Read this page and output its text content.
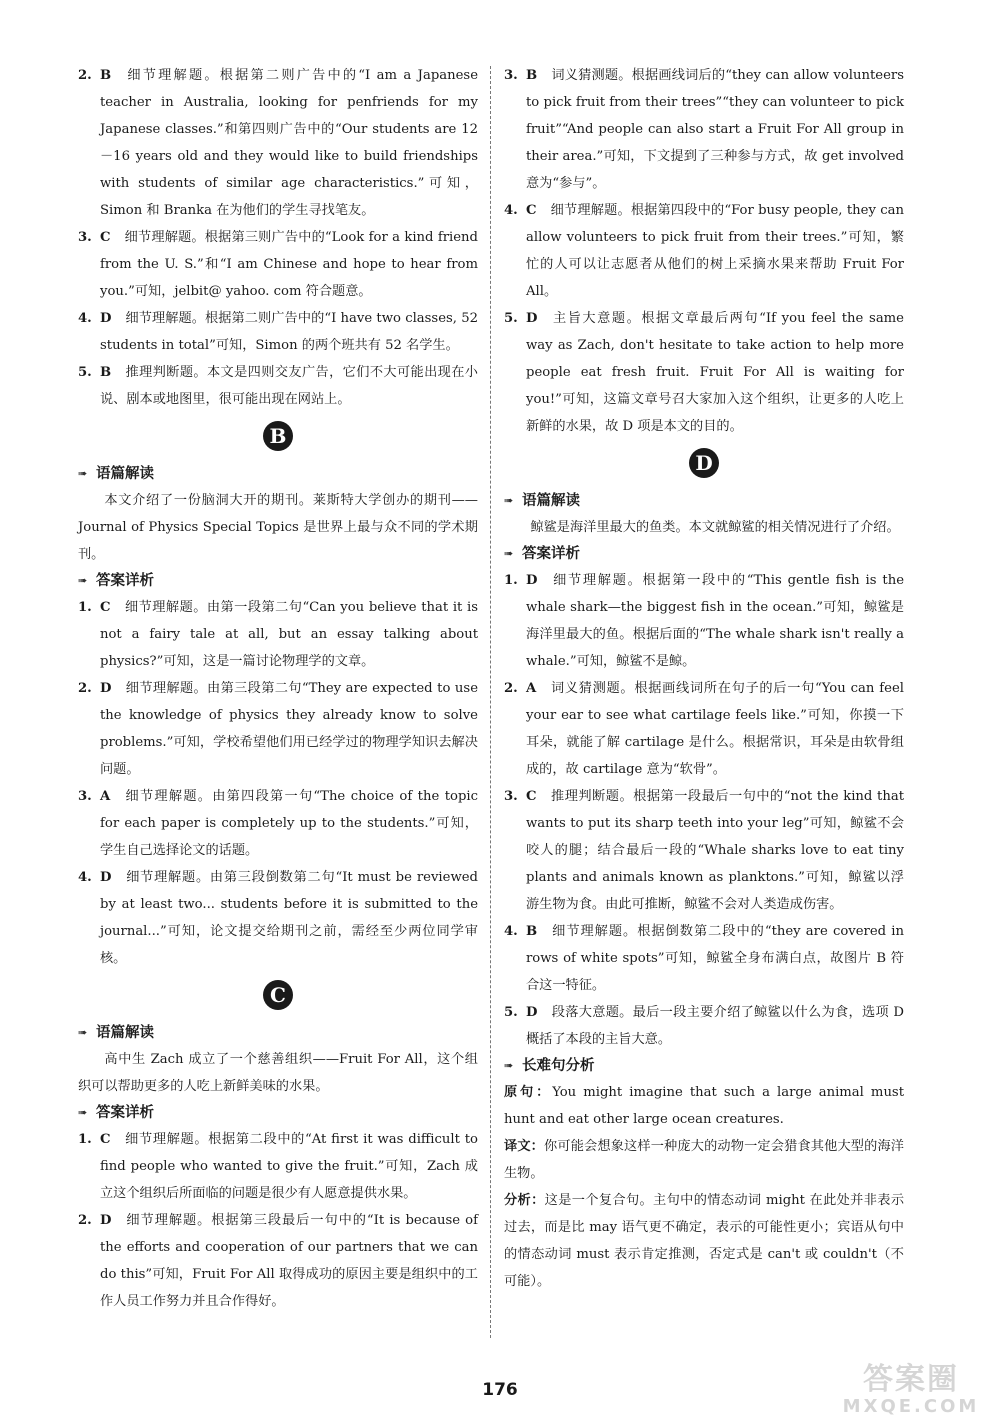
2. B 细节理解题。根据第二则广告中的“I am a Japanese teacher in Australia, looking for penfriends for my Japanese classes.”和第四则广告中的“Our students are 12－16 years old and they would like to build friendships with students of similar age characteristics.”可知，Simon 和 Branka 在为他们的学生寻找笔友。

3. C 细节理解题。根据第三则广告中的“Look for a kind friend from the U. S.”和“I am Chinese and hope to hear from you.”可知，jelbit@ yahoo. com 符合题意。

4. D 细节理解题。根据第二则广告中的“I have two classes, 52 students in total”可知，Simon 的两个班共有 52 名学生。

5. B 推理判断题。本文是四则交友广告，它们不大可能出现在小说、剧本或地图里，很可能出现在网站上。

B

➠ 语篇解读

本文介绍了一份脑洞大开的期刊。莱斯特大学创办的期刊——Journal of Physics Special Topics 是世界上最与众不同的学术期刊。

➠ 答案详析

1. C 细节理解题。由第一段第二句“Can you believe that it is not a fairy tale at all, but an essay talking about physics?”可知，这是一篇讨论物理学的文章。

2. D 细节理解题。由第三段第二句“They are expected to use the knowledge of physics they already know to solve problems.”可知，学校希望他们用已经学过的物理学知识去解决问题。

3. A 细节理解题。由第四段第一句“The choice of the topic for each paper is completely up to the students.”可知，学生自己选择论文的话题。

4. D 细节理解题。由第三段倒数第二句“It must be reviewed by at least two... students before it is submitted to the journal...”可知，论文提交给期刊之前，需经至少两位同学审核。

C

➠ 语篇解读

高中生 Zach 成立了一个慈善组织——Fruit For All，这个组织可以帮助更多的人吃上新鲜美味的水果。

➠ 答案详析

1. C 细节理解题。根据第二段中的“At first it was difficult to find people who wanted to give the fruit.”可知，Zach 成立这个组织后所面临的问题是很少有人愿意提供水果。

2. D 细节理解题。根据第三段最后一句中的“It is because of the efforts and cooperation of our partners that we can do this”可知，Fruit For All 取得成功的原因主要是组织中的工作人员工作努力并且合作得好。

3. B 词义猜测题。根据画线词后的“they can allow volunteers to pick fruit from their trees”“they can volunteer to pick fruit”“And people can also start a Fruit For All group in their area.”可知，下文提到了三种参与方式，故 get involved 意为“参与”。

4. C 细节理解题。根据第四段中的“For busy people, they can allow volunteers to pick fruit from their trees.”可知，繁忙的人可以让志愿者从他们的树上采摘水果来帮助 Fruit For All。

5. D 主旨大意题。根据文章最后两句“If you feel the same way as Zach, don't hesitate to take action to help more people eat fresh fruit. Fruit For All is waiting for you!”可知，这篇文章号召大家加入这个组织，让更多的人吃上新鲜的水果，故 D 项是本文的目的。

D

➠ 语篇解读

鲸鲨是海洋里最大的鱼类。本文就鲸鲨的相关情况进行了介绍。

➠ 答案详析

1. D 细节理解题。根据第一段中的“This gentle fish is the whale shark—the biggest fish in the ocean.”可知，鲸鲨是海洋里最大的鱼。根据后面的“The whale shark isn't really a whale.”可知，鲸鲨不是鲸。

2. A 词义猜测题。根据画线词所在句子的后一句“You can feel your ear to see what cartilage feels like.”可知，你摸一下耳朵，就能了解 cartilage 是什么。根据常识，耳朵是由软骨组成的，故 cartilage 意为“软骨”。

3. C 推理判断题。根据第一段最后一句中的“not the kind that wants to put its sharp teeth into your leg”可知，鲸鲨不会咬人的腿；结合最后一段的“Whale sharks love to eat tiny plants and animals known as planktons.”可知，鲸鲨以浮游生物为食。由此可推断，鲸鲨不会对人类造成伤害。

4. B 细节理解题。根据倒数第二段中的“they are covered in rows of white spots”可知，鲸鲨全身布满白点，故图片 B 符合这一特征。

5. D 段落大意题。最后一段主要介绍了鲸鲨以什么为食，选项 D 概括了本段的主旨大意。

➠ 长难句分析

原句：You might imagine that such a large animal must hunt and eat other large ocean creatures.

译文：你可能会想象这样一种庞大的动物一定会猎食其他大型的海洋生物。

分析：这是一个复合句。主句中的情态动词 might 在此处并非表示过去，而是比 may 语气更不确定，表示的可能性更小；宾语从句中的情态动词 must 表示肯定推测，否定式是 can't 或 couldn't（不可能）。

176	答案圈
MXQE.COM
